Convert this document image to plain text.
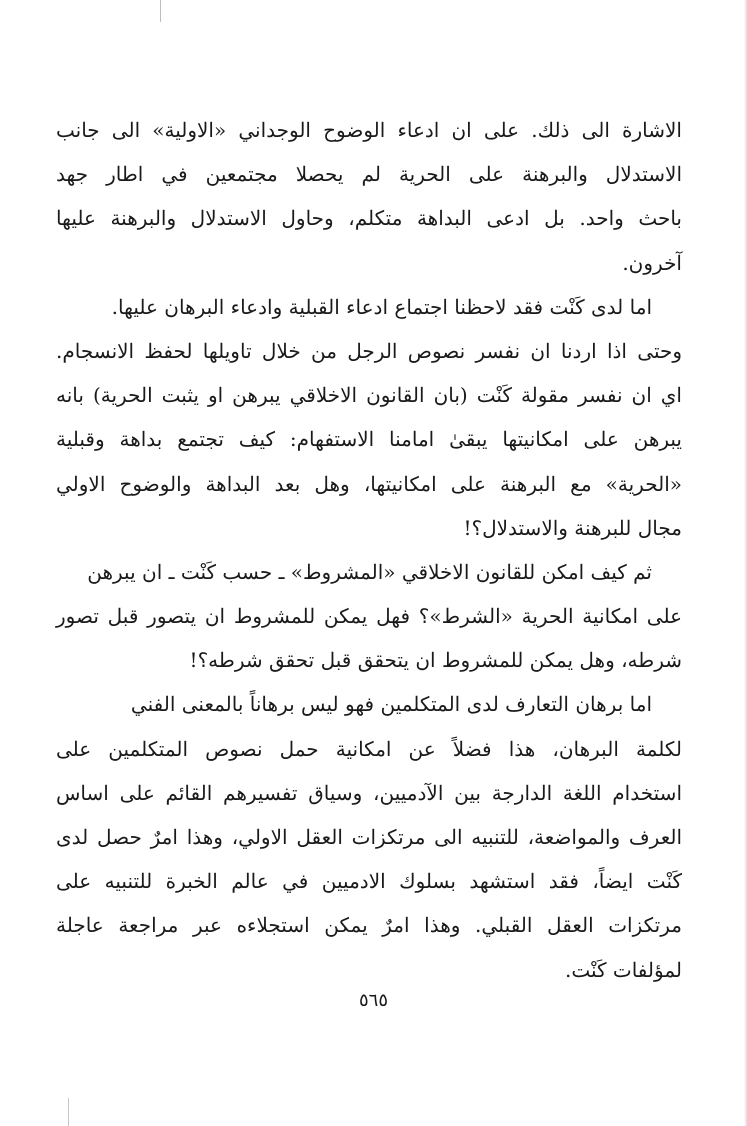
الاشارة الى ذلك. على ان ادعاء الوضوح الوجداني «الاولية» الى جانب
الاستدلال والبرهنة على الحرية لم يحصلا مجتمعين في اطار جهد
باحث واحد. بل ادعى البداهة متكلم، وحاول الاستدلال والبرهنة عليها
آخرون.
اما لدى كَنْت فقد لاحظنا اجتماع ادعاء القبلية وادعاء البرهان عليها.
وحتى اذا اردنا ان نفسر نصوص الرجل من خلال تاويلها لحفظ الانسجام.
اي ان نفسر مقولة كَنْت (بان القانون الاخلاقي يبرهن او يثبت الحرية) بانه
يبرهن على امكانيتها يبقىٰ امامنا الاستفهام: كيف تجتمع بداهة وقبلية
«الحرية» مع البرهنة على امكانيتها، وهل بعد البداهة والوضوح الاولي
مجال للبرهنة والاستدلال؟!
ثم كيف امكن للقانون الاخلاقي «المشروط» ـ حسب كَنْت ـ ان يبرهن
على امكانية الحرية «الشرط»؟ فهل يمكن للمشروط ان يتصور قبل تصور
شرطه، وهل يمكن للمشروط ان يتحقق قبل تحقق شرطه؟!
اما برهان التعارف لدى المتكلمين فهو ليس برهاناً بالمعنى الفني
لكلمة البرهان، هذا فضلاً عن امكانية حمل نصوص المتكلمين على
استخدام اللغة الدارجة بين الآدميين، وسياق تفسيرهم القائم على اساس
العرف والمواضعة، للتنبيه الى مرتكزات العقل الاولي، وهذا امرٌ حصل لدى
كَنْت ايضاً، فقد استشهد بسلوك الادميين في عالم الخبرة للتنبيه على
مرتكزات العقل القبلي. وهذا امرٌ يمكن استجلاءه عبر مراجعة عاجلة
لمؤلفات كَنْت.
٥٦٥
